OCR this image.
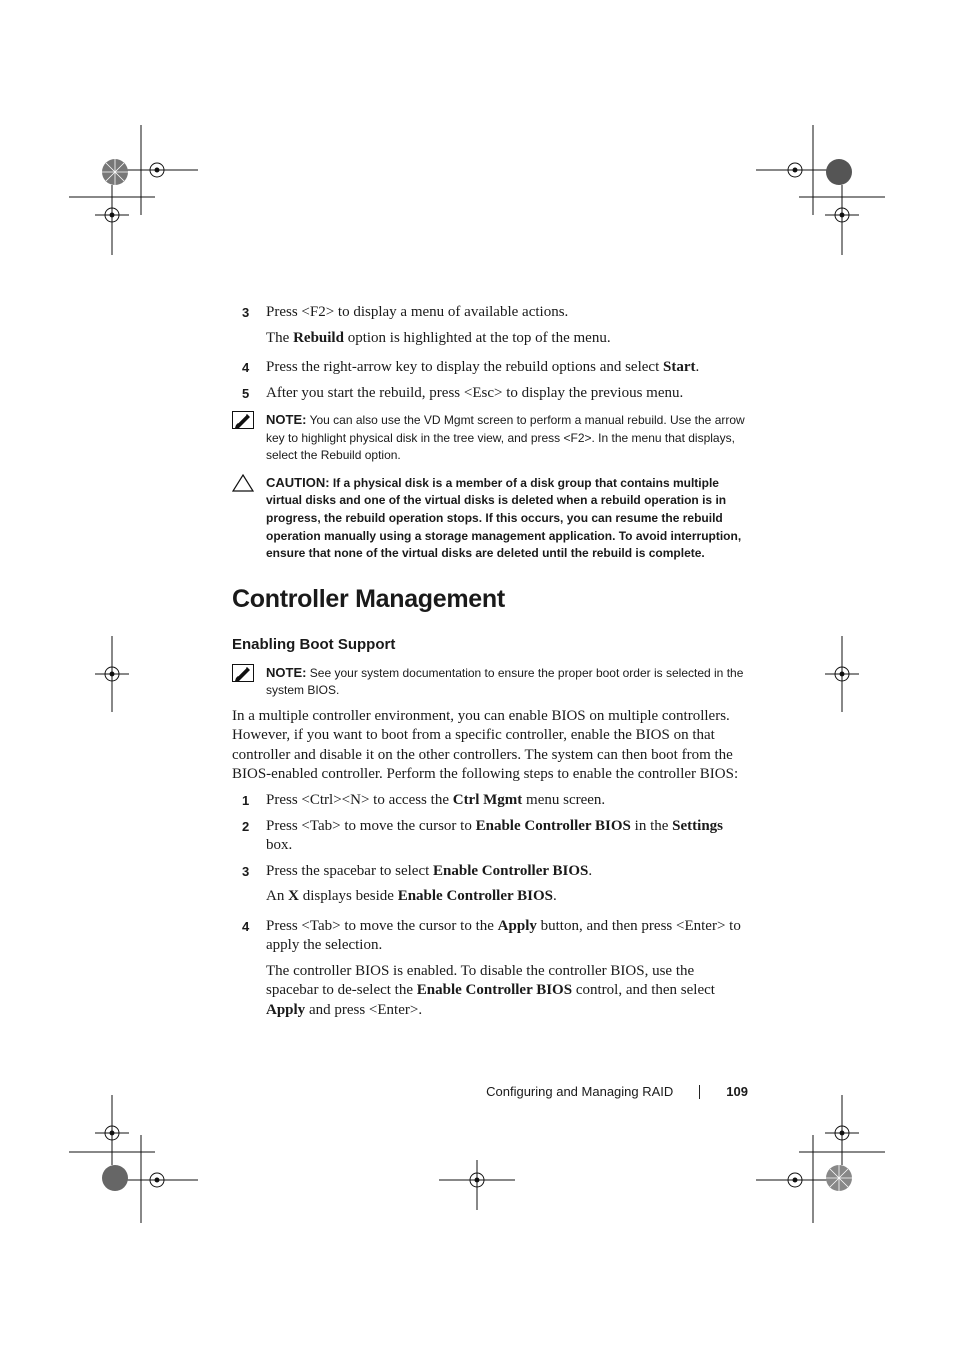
3 Press <F2> to display a menu of available actions.
The Rebuild option is highlighted at the top of the menu.
4 Press the right-arrow key to display the rebuild options and select Start.
5 After you start the rebuild, press <Esc> to display the previous menu.
NOTE: You can also use the VD Mgmt screen to perform a manual rebuild. Use the arrow key to highlight physical disk in the tree view, and press <F2>. In the menu that displays, select the Rebuild option.
CAUTION: If a physical disk is a member of a disk group that contains multiple virtual disks and one of the virtual disks is deleted when a rebuild operation is in progress, the rebuild operation stops. If this occurs, you can resume the rebuild operation manually using a storage management application. To avoid interruption, ensure that none of the virtual disks are deleted until the rebuild is complete.
Controller Management
Enabling Boot Support
NOTE: See your system documentation to ensure the proper boot order is selected in the system BIOS.

In a multiple controller environment, you can enable BIOS on multiple controllers. However, if you want to boot from a specific controller, enable the BIOS on that controller and disable it on the other controllers. The system can then boot from the BIOS-enabled controller. Perform the following steps to enable the controller BIOS:

1 Press <Ctrl><N> to access the Ctrl Mgmt menu screen.
2 Press <Tab> to move the cursor to Enable Controller BIOS in the Settings box.
3 Press the spacebar to select Enable Controller BIOS.
An X displays beside Enable Controller BIOS.
4 Press <Tab> to move the cursor to the Apply button, and then press <Enter> to apply the selection.
The controller BIOS is enabled. To disable the controller BIOS, use the spacebar to de-select the Enable Controller BIOS control, and then select Apply and press <Enter>.
Configuring and Managing RAID	109
